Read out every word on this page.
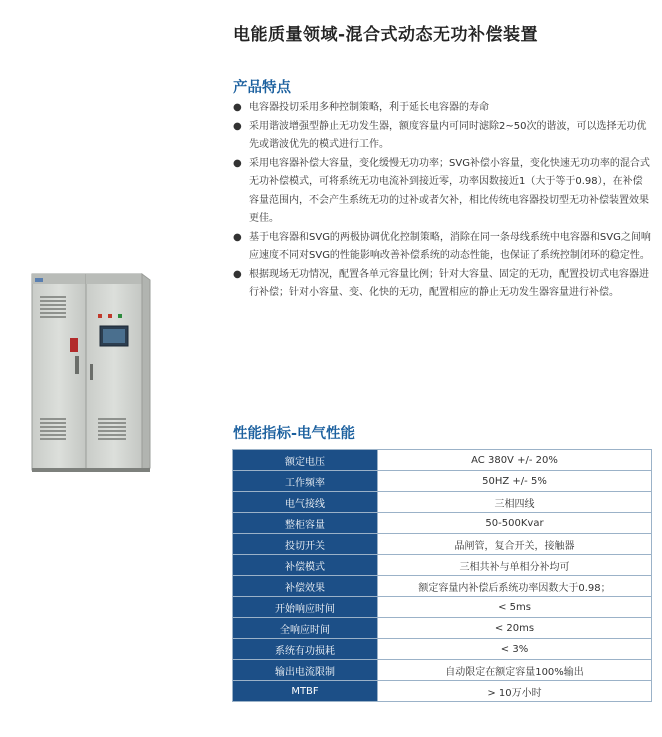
电能质量领域-混合式动态无功补偿装置
产品特点
● 电容器投切采用多种控制策略，利于延长电容器的寿命
● 采用谐波增强型静止无功发生器，额度容量内可同时滤除2~50次的谐波，可以选择无功优先或谐波优先的模式进行工作。
● 采用电容器补偿大容量，变化缓慢无功功率；SVG补偿小容量，变化快速无功功率的混合式无功补偿模式，可将系统无功电流补到接近零，功率因数接近1（大于等于0.98），在补偿容量范围内，不会产生系统无功的过补或者欠补，相比传统电容器投切型无功补偿装置效果更佳。
● 基于电容器和SVG的两极协调优化控制策略，消除在同一条母线系统中电容器和SVG之间响应速度不同对SVG的性能影响改善补偿系统的动态性能，也保证了系统控制闭环的稳定性。
● 根据现场无功情况，配置各单元容量比例；针对大容量、固定的无功，配置投切式电容器进行补偿；针对小容量、变、化快的无功，配置相应的静止无功发生器容量进行补偿。
性能指标-电气性能
额定电压	AC 380V +/- 20%
工作频率	50HZ +/- 5%
电气接线	三相四线
整柜容量	50-500Kvar
投切开关	晶闸管，复合开关，接触器
补偿模式	三相共补与单相分补均可
补偿效果	额定容量内补偿后系统功率因数大于0.98；
开始响应时间	< 5ms
全响应时间	< 20ms
系统有功损耗	< 3%
输出电流限制	自动限定在额定容量100%输出
MTBF	> 10万小时
